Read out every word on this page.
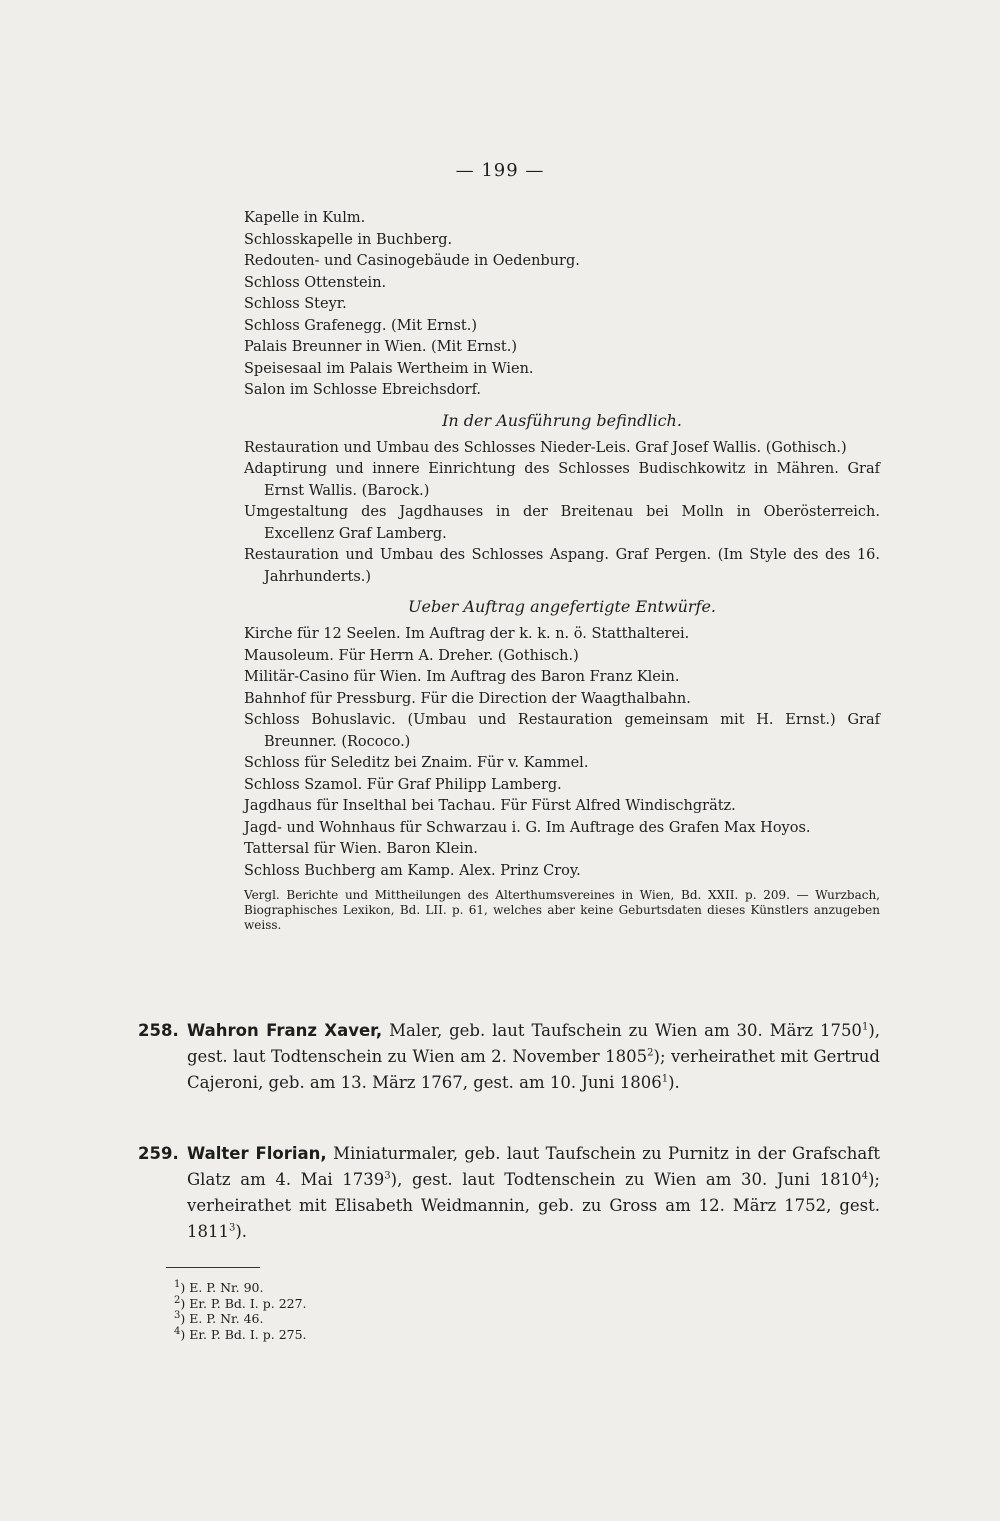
— 199 —
Kapelle in Kulm.
Schlosskapelle in Buchberg.
Redouten- und Casinogebäude in Oedenburg.
Schloss Ottenstein.
Schloss Steyr.
Schloss Grafenegg. (Mit Ernst.)
Palais Breunner in Wien. (Mit Ernst.)
Speisesaal im Palais Wertheim in Wien.
Salon im Schlosse Ebreichsdorf.
In der Ausführung befindlich.
Restauration und Umbau des Schlosses Nieder-Leis. Graf Josef Wallis. (Gothisch.)
Adaptirung und innere Einrichtung des Schlosses Budischkowitz in Mähren. Graf Ernst Wallis. (Barock.)
Umgestaltung des Jagdhauses in der Breitenau bei Molln in Oberösterreich. Excellenz Graf Lamberg.
Restauration und Umbau des Schlosses Aspang. Graf Pergen. (Im Style des des 16. Jahrhunderts.)
Ueber Auftrag angefertigte Entwürfe.
Kirche für 12 Seelen. Im Auftrag der k. k. n. ö. Statthalterei.
Mausoleum. Für Herrn A. Dreher. (Gothisch.)
Militär-Casino für Wien. Im Auftrag des Baron Franz Klein.
Bahnhof für Pressburg. Für die Direction der Waagthalbahn.
Schloss Bohuslavic. (Umbau und Restauration gemeinsam mit H. Ernst.) Graf Breunner. (Rococo.)
Schloss für Seleditz bei Znaim. Für v. Kammel.
Schloss Szamol. Für Graf Philipp Lamberg.
Jagdhaus für Inselthal bei Tachau. Für Fürst Alfred Windischgrätz.
Jagd- und Wohnhaus für Schwarzau i. G. Im Auftrage des Grafen Max Hoyos.
Tattersal für Wien. Baron Klein.
Schloss Buchberg am Kamp. Alex. Prinz Croy.
Vergl. Berichte und Mittheilungen des Alterthumsvereines in Wien, Bd. XXII. p. 209. — Wurzbach, Biographisches Lexikon, Bd. LII. p. 61, welches aber keine Geburtsdaten dieses Künstlers anzugeben weiss.
258. Wahron Franz Xaver, Maler, geb. laut Taufschein zu Wien am 30. März 1750$^1$), gest. laut Todtenschein zu Wien am 2. November 1805$^2$); verheirathet mit Gertrud Cajeroni, geb. am 13. März 1767, gest. am 10. Juni 1806$^1$).
259. Walter Florian, Miniaturmaler, geb. laut Taufschein zu Purnitz in der Grafschaft Glatz am 4. Mai 1739$^3$), gest. laut Todtenschein zu Wien am 30. Juni 1810$^4$); verheirathet mit Elisabeth Weidmannin, geb. zu Gross am 12. März 1752, gest. 1811$^3$).
$^1$) E. P. Nr. 90.
$^2$) Er. P. Bd. I. p. 227.
$^3$) E. P. Nr. 46.
$^4$) Er. P. Bd. I. p. 275.
